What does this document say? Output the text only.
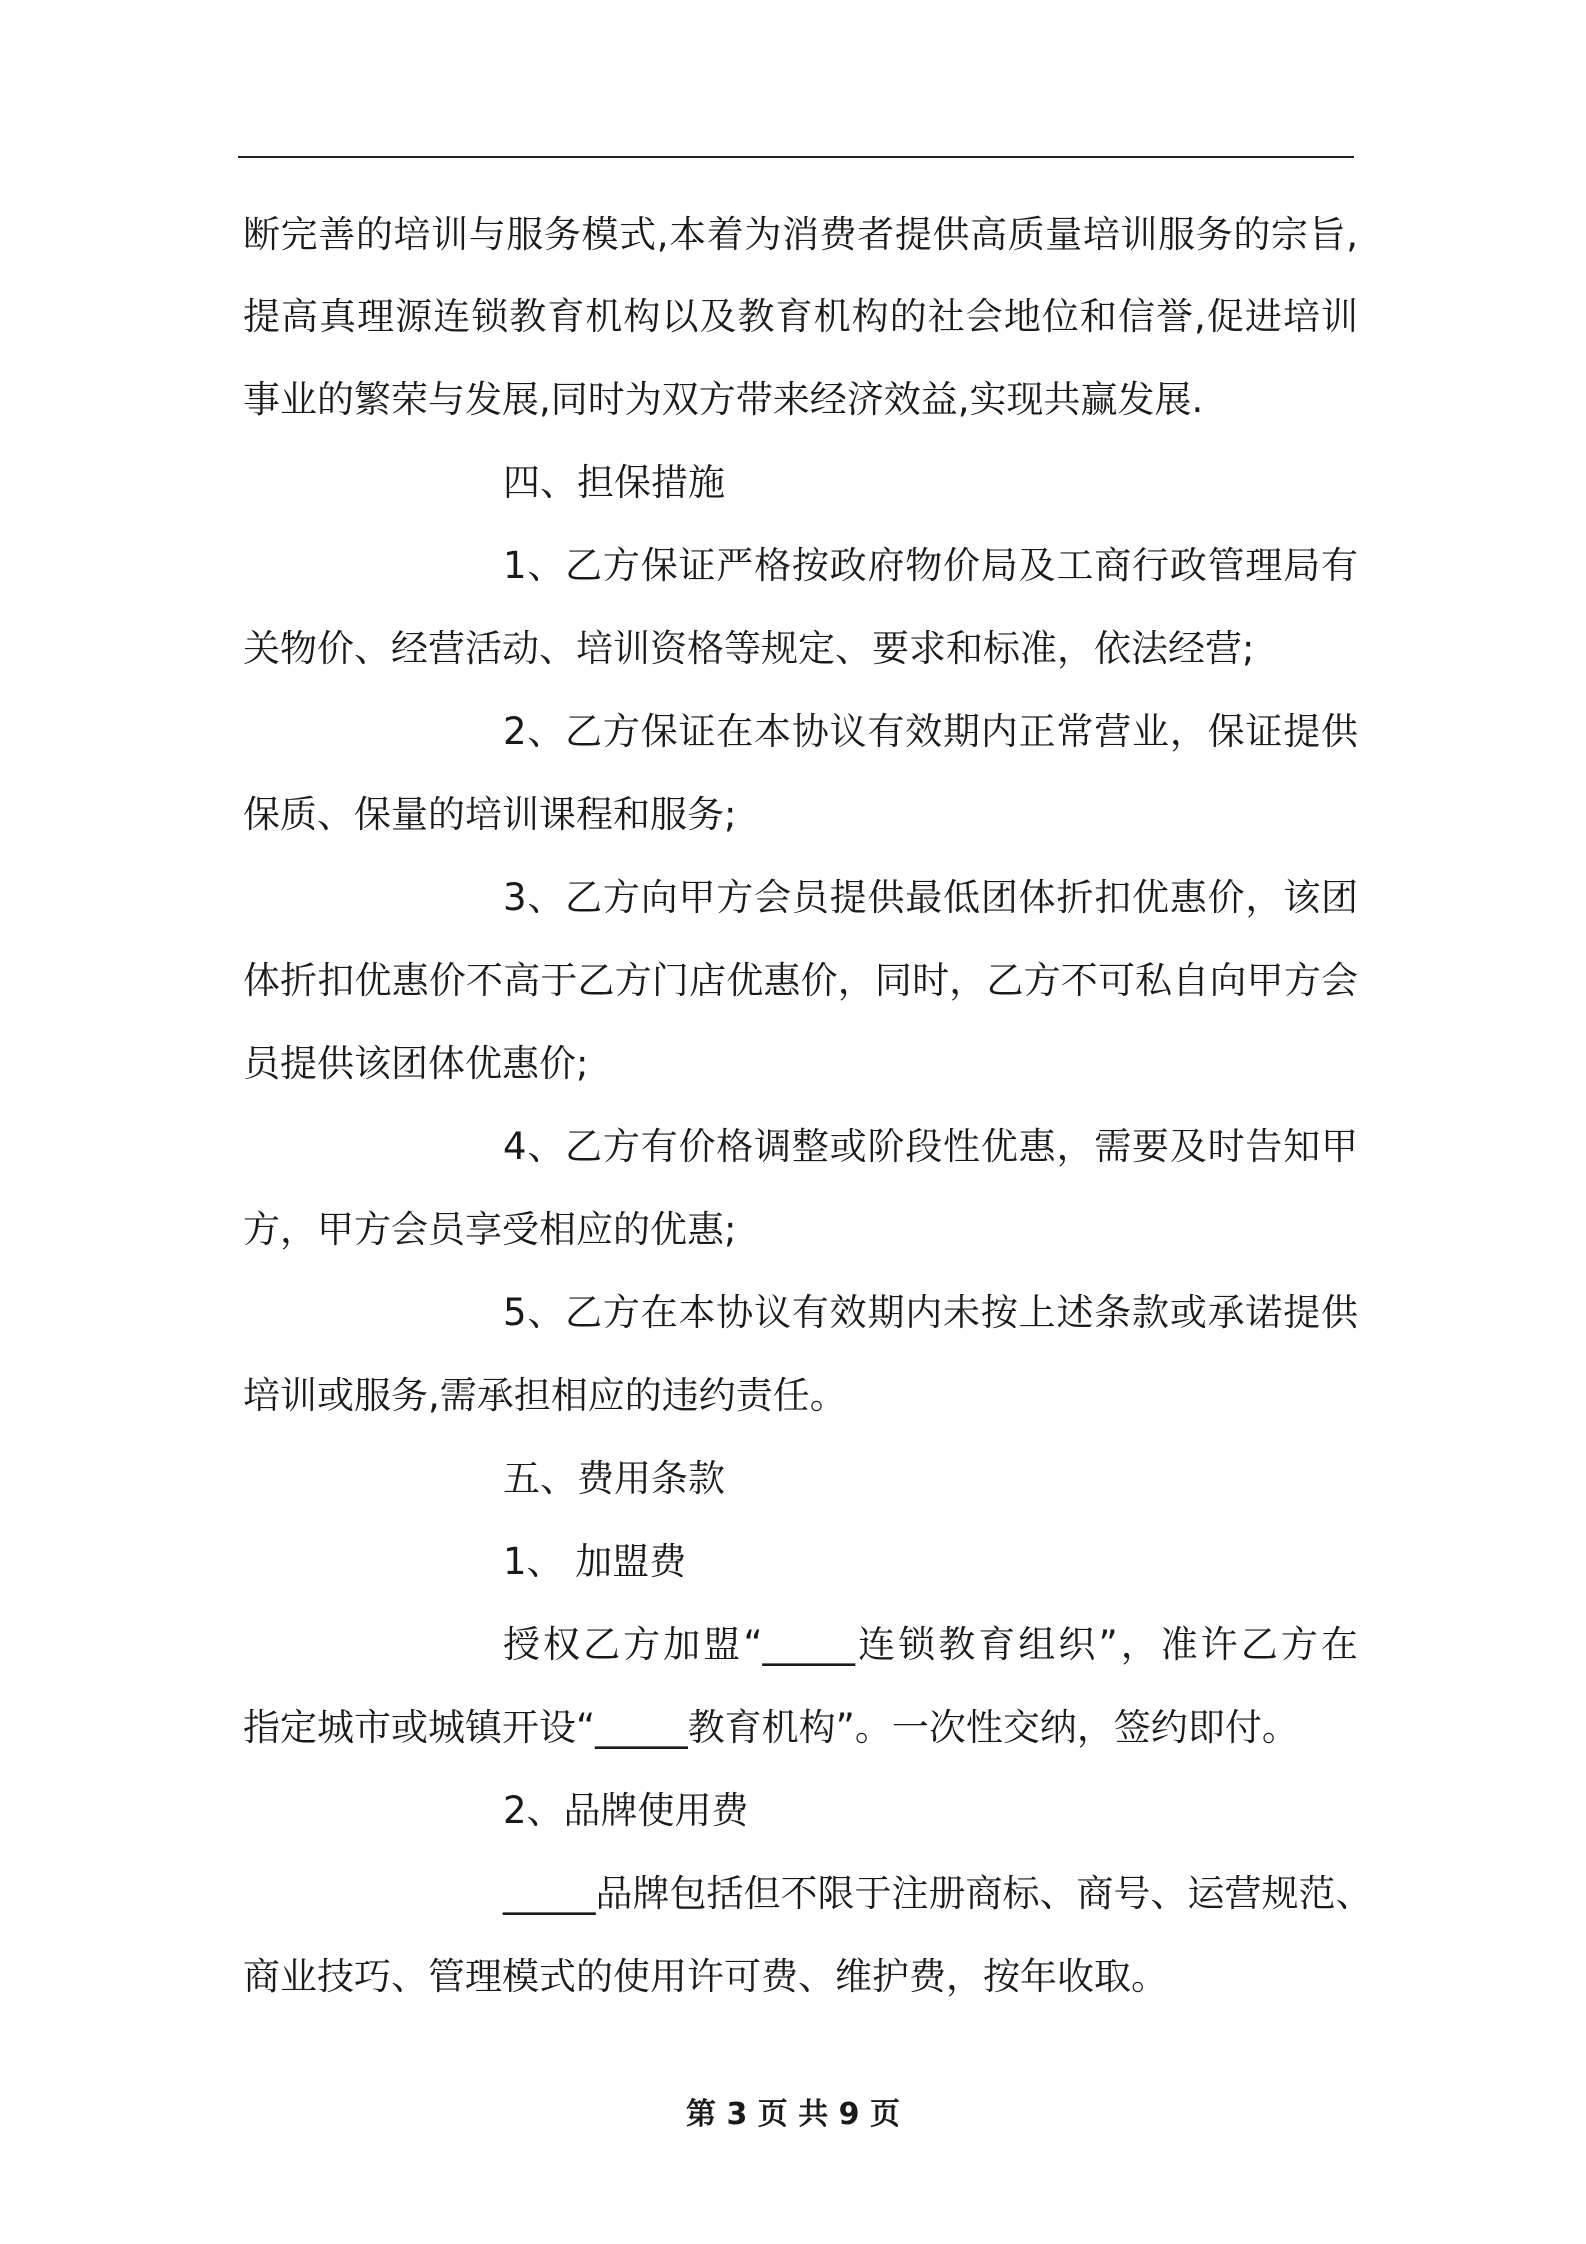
断完善的培训与服务模式,本着为消费者提供高质量培训服务的宗旨,
提高真理源连锁教育机构以及教育机构的社会地位和信誉,促进培训
事业的繁荣与发展,同时为双方带来经济效益,实现共赢发展.
四、担保措施
1、乙方保证严格按政府物价局及工商行政管理局有
关物价、经营活动、培训资格等规定、要求和标准，依法经营;
2、乙方保证在本协议有效期内正常营业，保证提供
保质、保量的培训课程和服务;
3、乙方向甲方会员提供最低团体折扣优惠价，该团
体折扣优惠价不高于乙方门店优惠价，同时，乙方不可私自向甲方会
员提供该团体优惠价;
4、乙方有价格调整或阶段性优惠，需要及时告知甲
方，甲方会员享受相应的优惠;
5、乙方在本协议有效期内未按上述条款或承诺提供
培训或服务,需承担相应的违约责任。
五、费用条款
1、 加盟费
授权乙方加盟“_____连锁教育组织”，准许乙方在
指定城市或城镇开设“_____教育机构”。一次性交纳，签约即付。
2、品牌使用费
_____品牌包括但不限于注册商标、商号、运营规范、
商业技巧、管理模式的使用许可费、维护费，按年收取。
第 3 页 共 9 页
